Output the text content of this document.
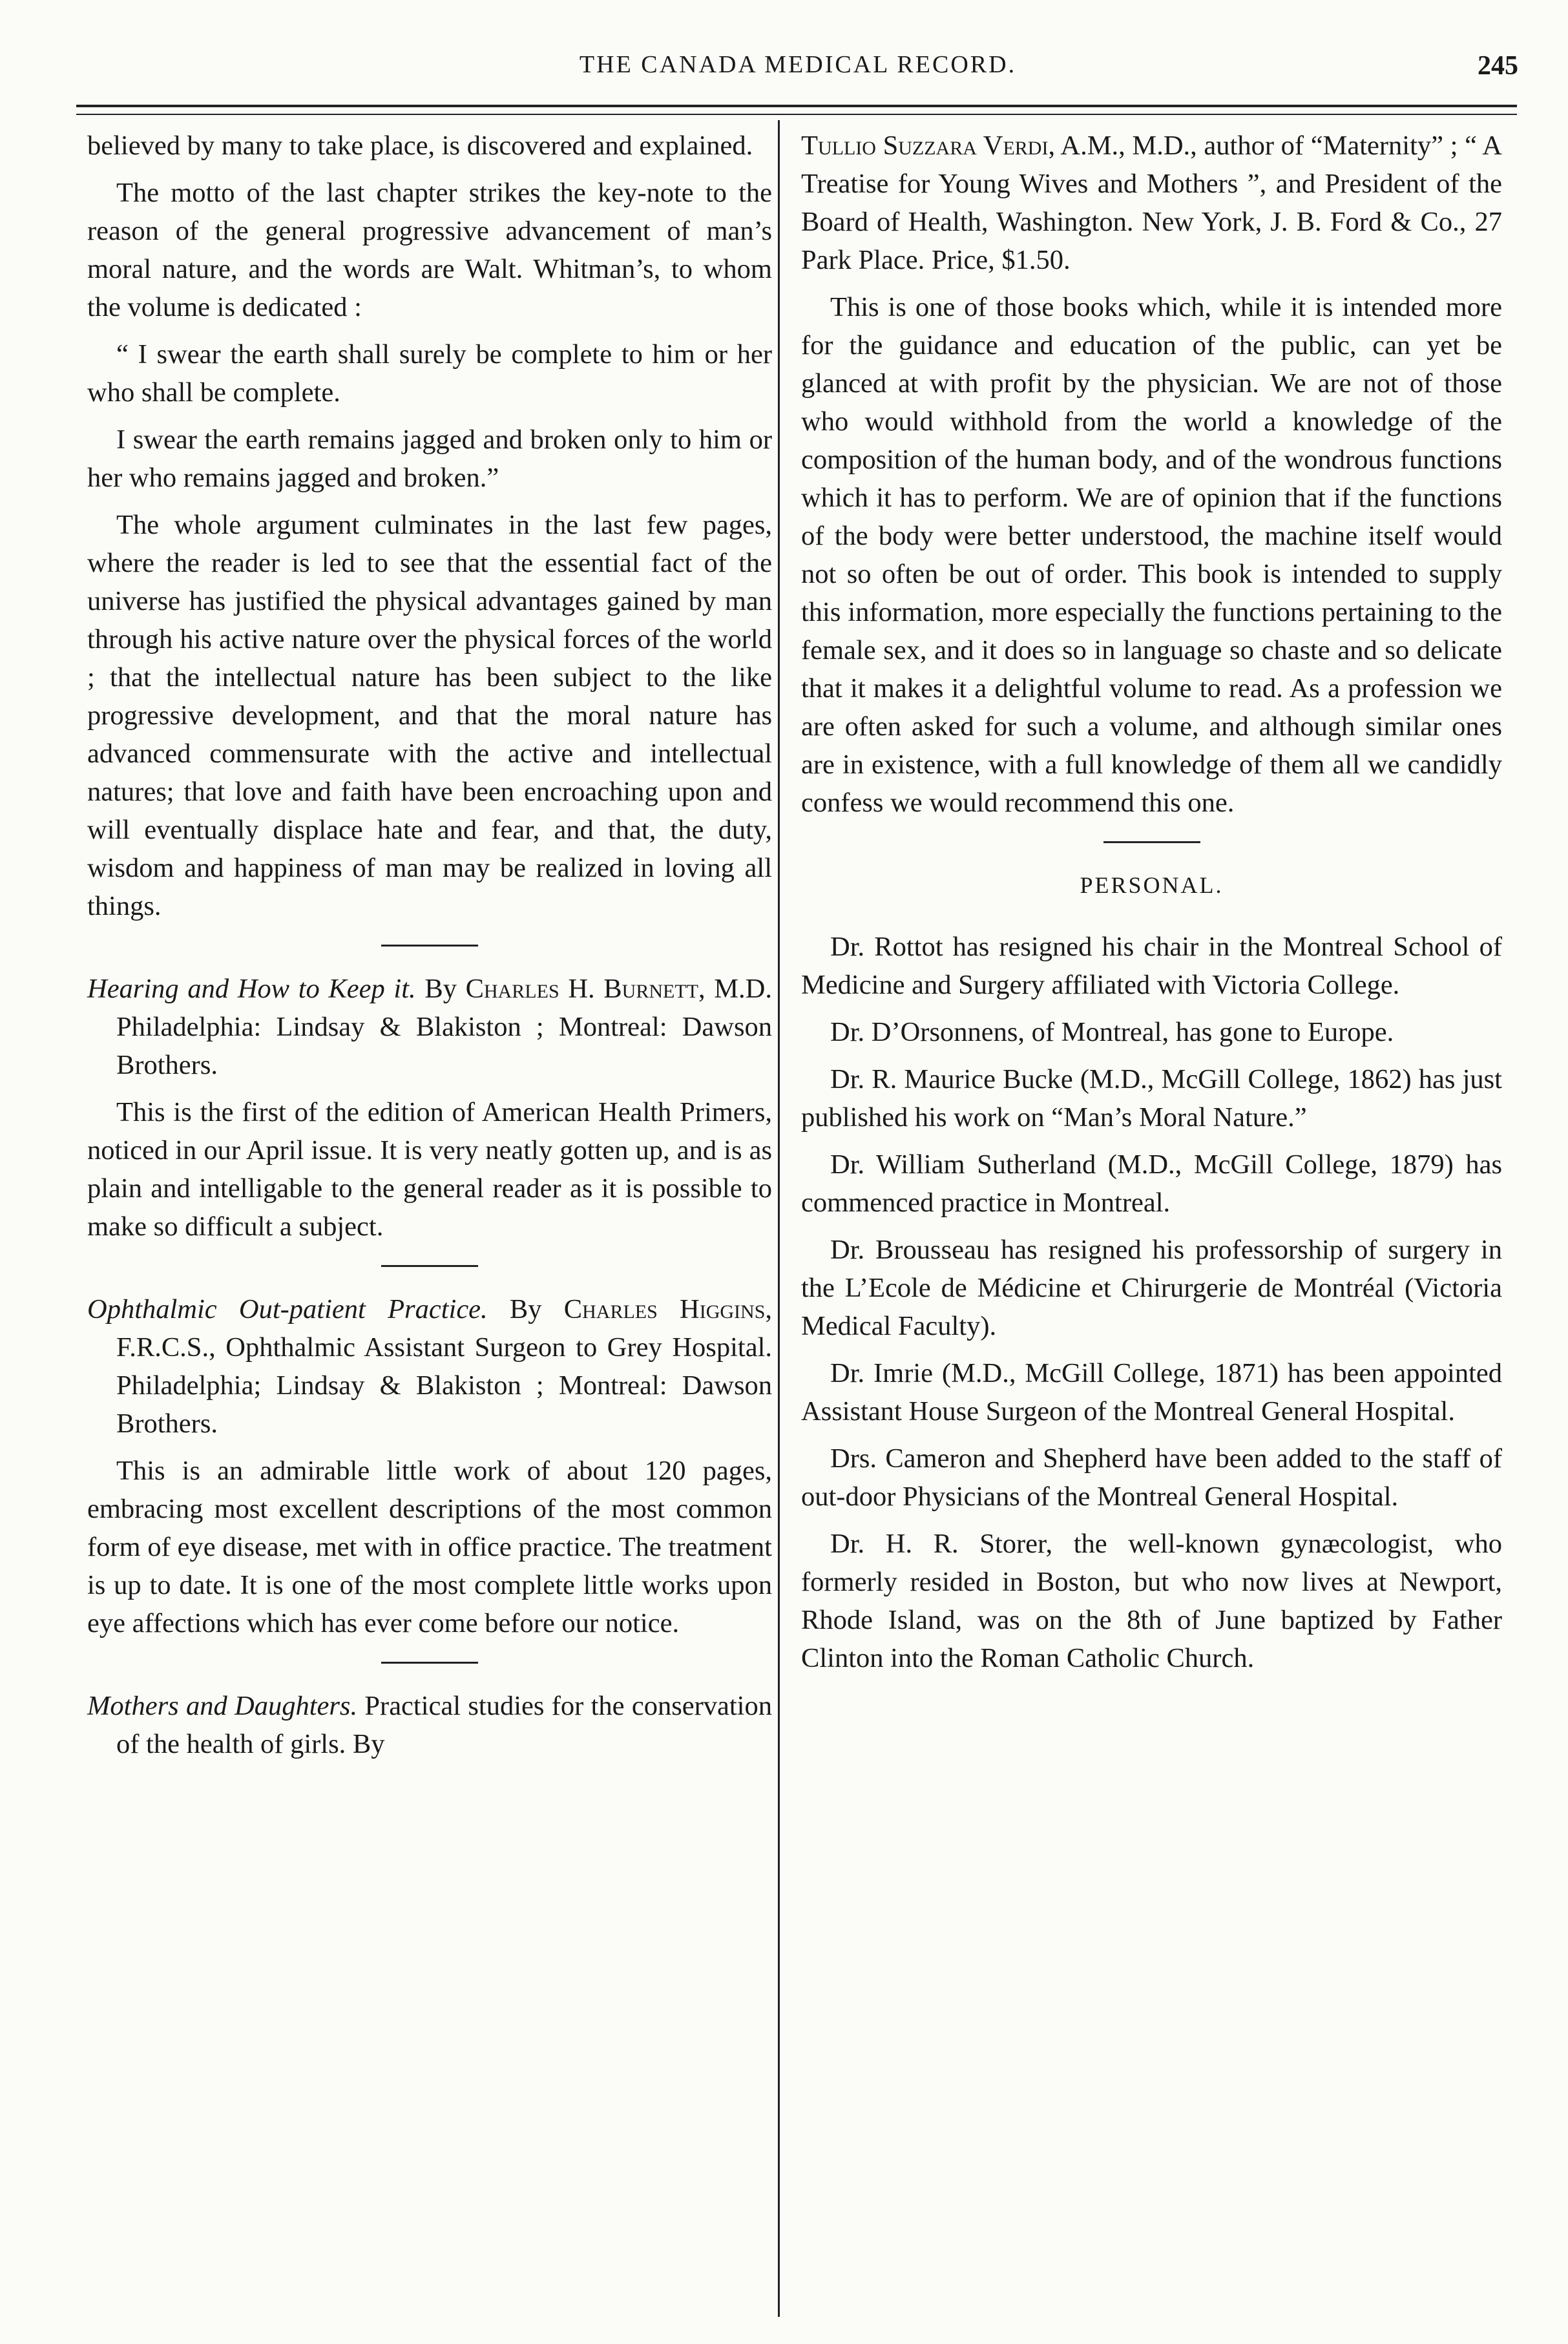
THE CANADA MEDICAL RECORD.	245

believed by many to take place, is discovered and explained.

The motto of the last chapter strikes the key-note to the reason of the general progressive advancement of man’s moral nature, and the words are Walt. Whitman’s, to whom the volume is dedicated :

“ I swear the earth shall surely be complete to him or her who shall be complete.

I swear the earth remains jagged and broken only to him or her who remains jagged and broken.”

The whole argument culminates in the last few pages, where the reader is led to see that the essential fact of the universe has justified the physical advantages gained by man through his active nature over the physical forces of the world ; that the intellectual nature has been subject to the like progressive development, and that the moral nature has advanced commensurate with the active and intellectual natures; that love and faith have been encroaching upon and will eventually displace hate and fear, and that, the duty, wisdom and happiness of man may be realized in loving all things.

Hearing and How to Keep it. By Charles H. Burnett, M.D. Philadelphia: Lindsay & Blakiston ; Montreal: Dawson Brothers.

This is the first of the edition of American Health Primers, noticed in our April issue. It is very neatly gotten up, and is as plain and intelligable to the general reader as it is possible to make so difficult a subject.

Ophthalmic Out-patient Practice. By Charles Higgins, F.R.C.S., Ophthalmic Assistant Surgeon to Grey Hospital. Philadelphia; Lindsay & Blakiston ; Montreal: Dawson Brothers.

This is an admirable little work of about 120 pages, embracing most excellent descriptions of the most common form of eye disease, met with in office practice. The treatment is up to date. It is one of the most complete little works upon eye affections which has ever come before our notice.

Mothers and Daughters. Practical studies for the conservation of the health of girls. By

Tullio Suzzara Verdi, A.M., M.D., author of “Maternity” ; “ A Treatise for Young Wives and Mothers ”, and President of the Board of Health, Washington. New York, J. B. Ford & Co., 27 Park Place. Price, $1.50.

This is one of those books which, while it is intended more for the guidance and education of the public, can yet be glanced at with profit by the physician. We are not of those who would withhold from the world a knowledge of the composition of the human body, and of the wondrous functions which it has to perform. We are of opinion that if the functions of the body were better understood, the machine itself would not so often be out of order. This book is intended to supply this information, more especially the functions pertaining to the female sex, and it does so in language so chaste and so delicate that it makes it a delightful volume to read. As a profession we are often asked for such a volume, and although similar ones are in existence, with a full knowledge of them all we candidly confess we would recommend this one.

PERSONAL.

Dr. Rottot has resigned his chair in the Montreal School of Medicine and Surgery affiliated with Victoria College.

Dr. D’Orsonnens, of Montreal, has gone to Europe.

Dr. R. Maurice Bucke (M.D., McGill College, 1862) has just published his work on “Man’s Moral Nature.”

Dr. William Sutherland (M.D., McGill College, 1879) has commenced practice in Montreal.

Dr. Brousseau has resigned his professorship of surgery in the L’Ecole de Médicine et Chirurgerie de Montréal (Victoria Medical Faculty).

Dr. Imrie (M.D., McGill College, 1871) has been appointed Assistant House Surgeon of the Montreal General Hospital.

Drs. Cameron and Shepherd have been added to the staff of out-door Physicians of the Montreal General Hospital.

Dr. H. R. Storer, the well-known gynæcologist, who formerly resided in Boston, but who now lives at Newport, Rhode Island, was on the 8th of June baptized by Father Clinton into the Roman Catholic Church.
